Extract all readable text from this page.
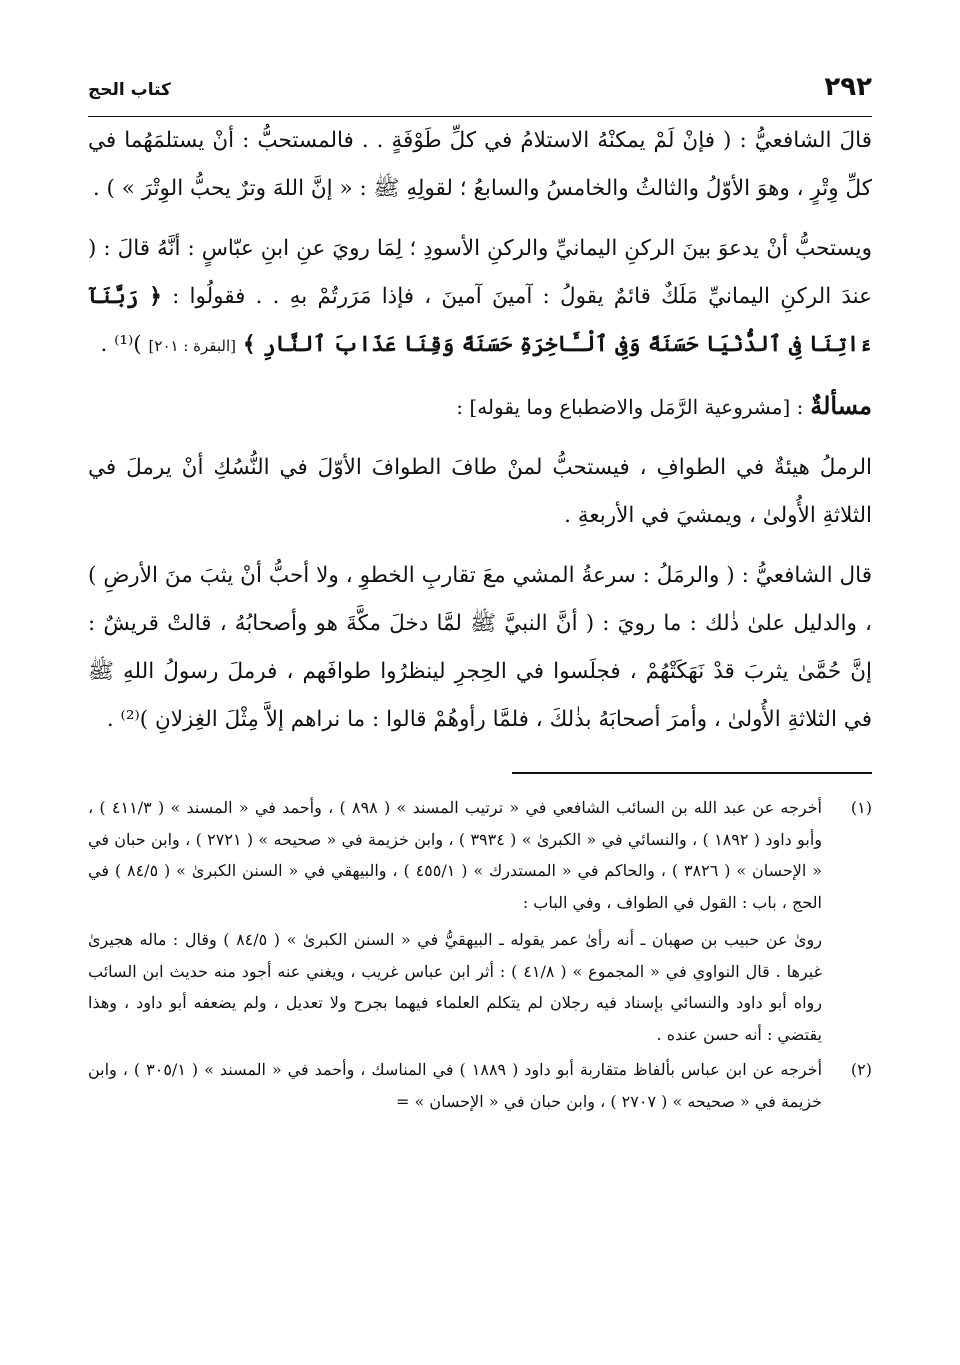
٢٩٢
كتاب الحج

قالَ الشافعيُّ : ( فإنْ لَمْ يمكنْهُ الاستلامُ في كلِّ طَوْفَةٍ . . فالمستحبُّ : أنْ يستلمَهُما في كلِّ وِتْرٍ ، وهوَ الأوّلُ والثالثُ والخامسُ والسابعُ ؛ لقولِهِ ﷺ : « إنَّ اللهَ وترٌ يحبُّ الوِتْرَ » ) .

ويستحبُّ أنْ يدعوَ بينَ الركنِ اليمانيِّ والركنِ الأسودِ ؛ لِمَا رويَ عنِ ابنِ عبّاسٍ : أنَّهُ قالَ : ( عندَ الركنِ اليمانيِّ مَلَكٌ قائمٌ يقولُ : آمينَ آمينَ ، فإذا مَرَرتُمْ بهِ . . فقولُوا : ﴿ رَبَّنَآ ءَاتِنَا فِى ٱلدُّنْيَا حَسَنَةً وَفِى ٱلْـَٔاخِرَةِ حَسَنَةً وَقِنَا عَذَابَ ٱلنَّارِ ﴾ [البقرة : ٢٠١] )⁽¹⁾ .

مسألةٌ : [مشروعية الرَّمَل والاضطباع وما يقوله] :

الرملُ هيئةٌ في الطوافِ ، فيستحبُّ لمنْ طافَ الطوافَ الأوّلَ في النُّسُكِ أنْ يرملَ في الثلاثةِ الأُولىٰ ، ويمشيَ في الأربعةِ .

قال الشافعيُّ : ( والرمَلُ : سرعةُ المشي معَ تقاربِ الخطوِ ، ولا أحبُّ أنْ يثبَ منَ الأرضِ ) ، والدليل علىٰ ذٰلك : ما رويَ : ( أنَّ النبيَّ ﷺ لمَّا دخلَ مكَّةَ هو وأصحابُهُ ، قالتْ قريشٌ : إنَّ حُمَّىٰ يثربَ قدْ نَهَكَتْهُمْ ، فجلَسوا في الحِجرِ لينظرُوا طوافَهم ، فرملَ رسولُ اللهِ ﷺ في الثلاثةِ الأُولىٰ ، وأمرَ أصحابَهُ بذٰلكَ ، فلمَّا رأوهُمْ قالوا : ما نراهم إلاَّ مِثْلَ الغِزلانِ )⁽²⁾ .

(١)
أخرجه عن عبد الله بن السائب الشافعي في « ترتيب المسند » ( ٨٩٨ ) ، وأحمد في « المسند » ( ٤١١/٣ ) ، وأبو داود ( ١٨٩٢ ) ، والنسائي في « الكبرىٰ » ( ٣٩٣٤ ) ، وابن خزيمة في « صحيحه » ( ٢٧٢١ ) ، وابن حبان في « الإحسان » ( ٣٨٢٦ ) ، والحاكم في « المستدرك » ( ٤٥٥/١ ) ، والبيهقي في « السنن الكبرىٰ » ( ٨٤/٥ ) في الحج ، باب : القول في الطواف ، وفي الباب :
روىٰ عن حبيب بن صهبان ـ أنه رأىٰ عمر يقوله ـ البيهقيُّ في « السنن الكبرىٰ » ( ٨٤/٥ ) وقال : ماله هجيرىٰ غيرها . قال النواوي في « المجموع » ( ٤١/٨ ) : أثر ابن عباس غريب ، ويغني عنه أجود منه حديث ابن السائب رواه أبو داود والنسائي بإسناد فيه رجلان لم يتكلم العلماء فيهما بجرح ولا تعديل ، ولم يضعفه أبو داود ، وهذا يقتضي : أنه حسن عنده .
(٢)
أخرجه عن ابن عباس بألفاظ متقاربة أبو داود ( ١٨٨٩ ) في المناسك ، وأحمد في « المسند » ( ٣٠٥/١ ) ، وابن خزيمة في « صحيحه » ( ٢٧٠٧ ) ، وابن حبان في « الإحسان » =
